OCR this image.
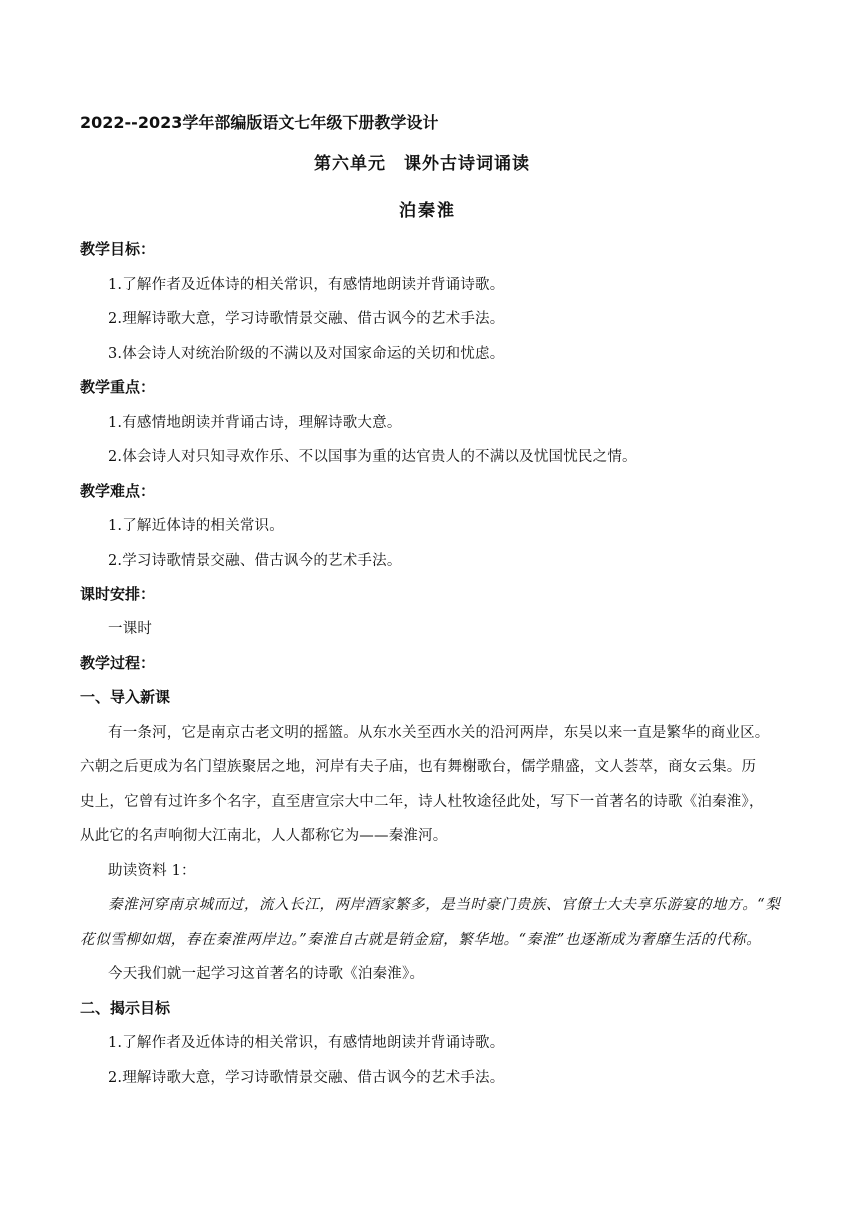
2022--2023学年部编版语文七年级下册教学设计
第六单元　课外古诗词诵读
泊秦淮
教学目标：
1.了解作者及近体诗的相关常识，有感情地朗读并背诵诗歌。
2.理解诗歌大意，学习诗歌情景交融、借古讽今的艺术手法。
3.体会诗人对统治阶级的不满以及对国家命运的关切和忧虑。
教学重点：
1.有感情地朗读并背诵古诗，理解诗歌大意。
2.体会诗人对只知寻欢作乐、不以国事为重的达官贵人的不满以及忧国忧民之情。
教学难点：
1.了解近体诗的相关常识。
2.学习诗歌情景交融、借古讽今的艺术手法。
课时安排：
一课时
教学过程：
一、导入新课
有一条河，它是南京古老文明的摇篮。从东水关至西水关的沿河两岸，东吴以来一直是繁华的商业区。
六朝之后更成为名门望族聚居之地，河岸有夫子庙，也有舞榭歌台，儒学鼎盛，文人荟萃，商女云集。历
史上，它曾有过许多个名字，直至唐宣宗大中二年，诗人杜牧途径此处，写下一首著名的诗歌《泊秦淮》，
从此它的名声响彻大江南北，人人都称它为——秦淮河。
助读资料 1：
秦淮河穿南京城而过，流入长江，两岸酒家繁多，是当时豪门贵族、官僚士大夫享乐游宴的地方。“梨
花似雪柳如烟，春在秦淮两岸边。”秦淮自古就是销金窟，繁华地。“秦淮”也逐渐成为奢靡生活的代称。
今天我们就一起学习这首著名的诗歌《泊秦淮》。
二、揭示目标
1.了解作者及近体诗的相关常识，有感情地朗读并背诵诗歌。
2.理解诗歌大意，学习诗歌情景交融、借古讽今的艺术手法。
